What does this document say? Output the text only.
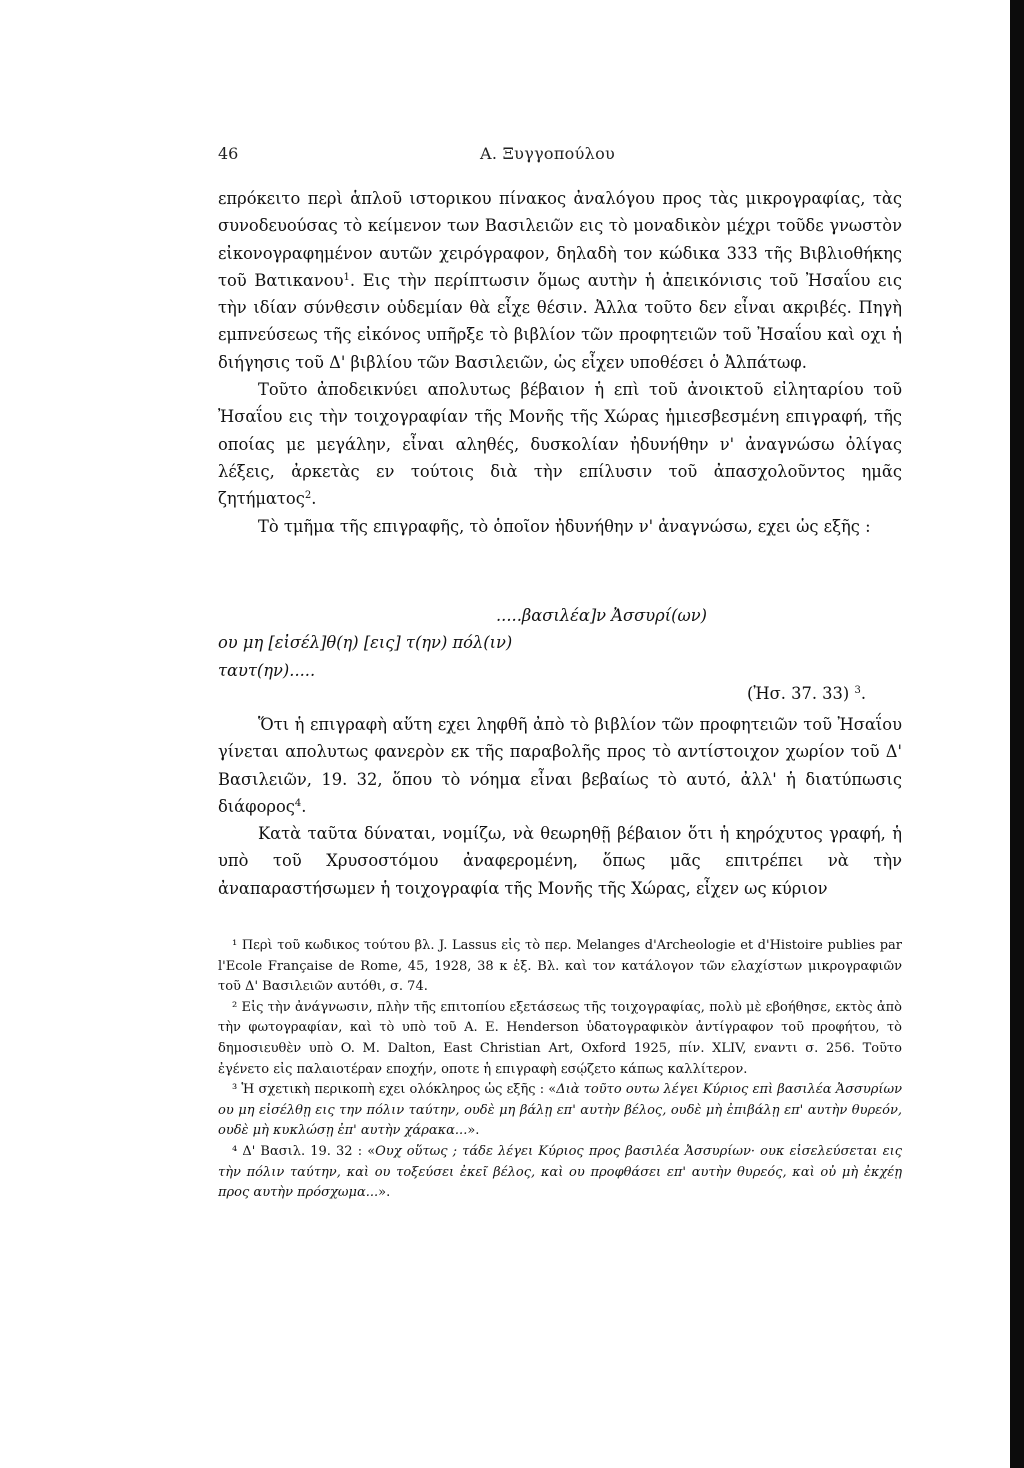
46	Α. Ξυγγοπούλου

επρόκειτο περὶ ἁπλοῦ ιστορικου πίνακος ἀναλόγου προς τὰς μικρογραφίας, τὰς συνοδευούσας τὸ κείμενον των Βασιλειῶν εις τὸ μοναδικὸν μέχρι τοῦδε γνωστὸν εἰκονογραφημένον αυτῶν χειρόγραφον, δηλαδὴ τον κώδικα 333 τῆς Βιβλιοθήκης τοῦ Βατικανου$^1$. Εις τὴν περίπτωσιν ὅμως αυτὴν ἡ ἀπεικόνισις τοῦ Ἠσαΐου εις τὴν ιδίαν σύνθεσιν οὐδεμίαν θὰ εἶχε θέσιν. Ἀλλα τοῦτο δεν εἶναι ακριβές. Πηγὴ εμπνεύσεως τῆς εἰκόνος υπῆρξε τὸ βιβλίον τῶν προφητειῶν τοῦ Ἠσαΐου καὶ οχι ἡ διήγησις τοῦ Δ' βιβλίου τῶν Βασιλειῶν, ὡς εἶχεν υποθέσει ὁ Ἀλπάτωφ.

Τοῦτο ἀποδεικνύει απολυτως βέβαιον ἡ επὶ τοῦ ἀνοικτοῦ εἰληταρίου τοῦ Ἠσαΐου εις τὴν τοιχογραφίαν τῆς Μονῆς τῆς Χώρας ἡμιεσβεσμένη επιγραφή, τῆς οποίας με μεγάλην, εἶναι αληθές, δυσκολίαν ἠδυνήθην ν' ἀναγνώσω ὀλίγας λέξεις, ἀρκετὰς εν τούτοις διὰ τὴν επίλυσιν τοῦ ἀπασχολοῦντος ημᾶς ζητήματος$^2$.

Τὸ τμῆμα τῆς επιγραφῆς, τὸ ὁποῖον ἠδυνήθην ν' ἀναγνώσω, εχει ὡς εξῆς :

.....βασιλέα]ν Ἀσσυρί(ων)
ου μη [εἰσέλ]θ(η) [εις] τ(ην) πόλ(ιν)
ταυτ(ην).....
(Ἠσ. 37. 33) $^3$.

Ὅτι ἡ επιγραφὴ αὕτη εχει ληφθῆ ἀπὸ τὸ βιβλίον τῶν προφητειῶν τοῦ Ἠσαΐου γίνεται απολυτως φανερὸν εκ τῆς παραβολῆς προς τὸ αντίστοιχον χωρίον τοῦ Δ' Βασιλειῶν, 19. 32, ὅπου τὸ νόημα εἶναι βεβαίως τὸ αυτό, ἀλλ' ἡ διατύπωσις διάφορος$^4$.

Κατὰ ταῦτα δύναται, νομίζω, νὰ θεωρηθῇ βέβαιον ὅτι ἡ κηρόχυτος γραφή, ἡ υπὸ τοῦ Χρυσοστόμου ἀναφερομένη, ὅπως μᾶς επιτρέπει νὰ τὴν ἀναπαραστήσωμεν ἡ τοιχογραφία τῆς Μονῆς τῆς Χώρας, εἶχεν ως κύριον

¹ Περὶ τοῦ κωδικος τούτου βλ. J. Lassus εἰς τὸ περ. Melanges d'Archeologie et d'Histoire publies par l'Ecole Française de Rome, 45, 1928, 38 κ ἑξ. Βλ. καὶ τον κατάλογον τῶν ελαχίστων μικρογραφιῶν τοῦ Δ' Βασιλειῶν αυτόθι, σ. 74.

² Εἰς τὴν ἀνάγνωσιν, πλὴν τῆς επιτοπίου εξετάσεως τῆς τοιχογραφίας, πολὺ μὲ εβοήθησε, εκτὸς ἀπὸ τὴν φωτογραφίαν, καὶ τὸ υπὸ τοῦ A. E. Henderson ὑδατογραφικὸν ἀντίγραφον τοῦ προφήτου, τὸ δημοσιευθὲν υπὸ O. M. Dalton, East Christian Art, Oxford 1925, πίν. XLIV, εναντι σ. 256. Τοῦτο ἐγένετο εἰς παλαιοτέραν εποχήν, οποτε ἡ επιγραφὴ εσῴζετο κάπως καλλίτερον.

³ Ἡ σχετικὴ περικοπὴ εχει ολόκληρος ὡς εξῆς : «Διὰ τοῦτο ουτω λέγει Κύριος επὶ βασιλέα Ἀσσυρίων ου μη εἰσέλθῃ εις την πόλιν ταύτην, ουδὲ μη βάλῃ επ' αυτὴν βέλος, ουδὲ μὴ ἐπιβάλῃ επ' αυτὴν θυρεόν, ουδὲ μὴ κυκλώσῃ ἐπ' αυτὴν χάρακα...».

⁴ Δ' Βασιλ. 19. 32 : «Ουχ οὕτως ; τάδε λέγει Κύριος προς βασιλέα Ἀσσυρίων· ουκ εἰσελεύσεται εις τὴν πόλιν ταύτην, καὶ ου τοξεύσει ἐκεῖ βέλος, καὶ ου προφθάσει επ' αυτὴν θυρεός, καὶ οὐ μὴ ἐκχέῃ προς αυτὴν πρόσχωμα...».
